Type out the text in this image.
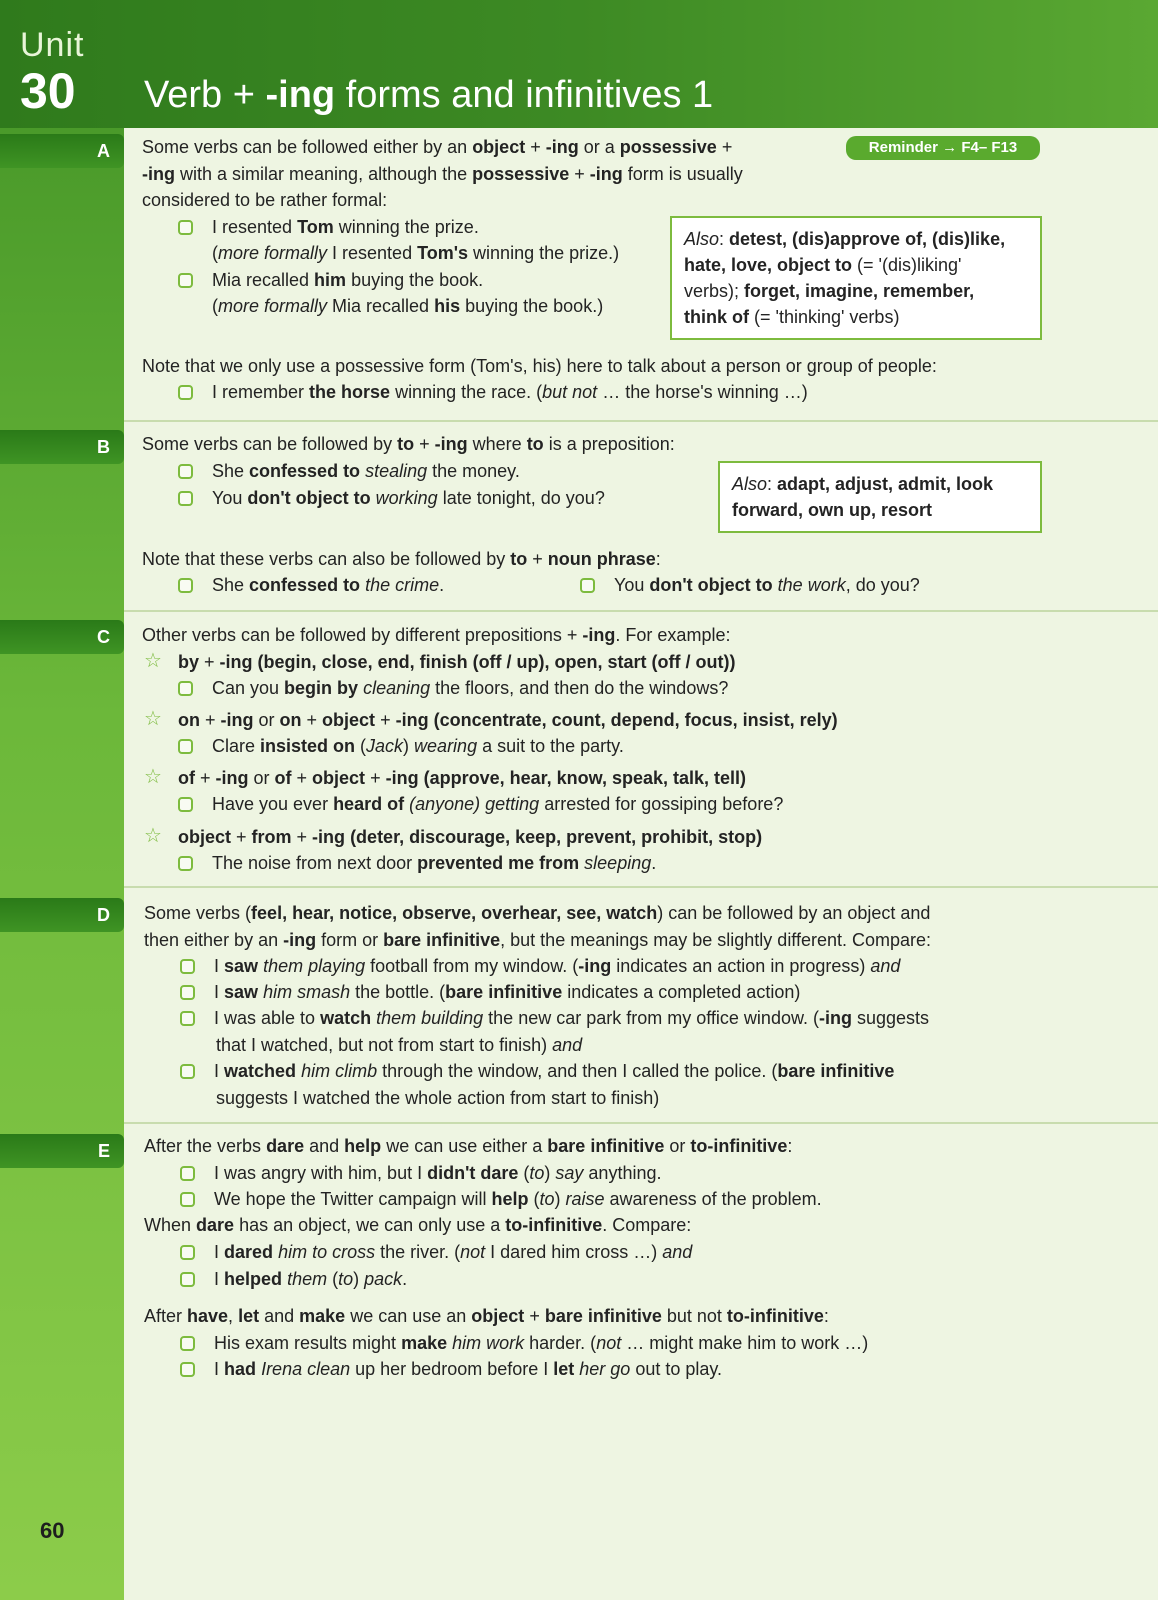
Unit
30 Verb + -ing forms and infinitives 1
A	Reminder → F4– F13
Some verbs can be followed either by an object + -ing or a possessive +
-ing with a similar meaning, although the possessive + -ing form is usually
considered to be rather formal:
I resented Tom winning the prize.
(more formally I resented Tom's winning the prize.)
Mia recalled him buying the book.
(more formally Mia recalled his buying the book.)
Also: detest, (dis)approve of, (dis)like,
hate, love, object to (= '(dis)liking'
verbs); forget, imagine, remember,
think of (= 'thinking' verbs)
Note that we only use a possessive form (Tom's, his) here to talk about a person or group of people:
I remember the horse winning the race. (but not … the horse's winning …)
B	Some verbs can be followed by to + -ing where to is a preposition:
She confessed to stealing the money.
You don't object to working late tonight, do you?
Also: adapt, adjust, admit, look
forward, own up, resort
Note that these verbs can also be followed by to + noun phrase:
She confessed to the crime.	You don't object to the work, do you?
C	Other verbs can be followed by different prepositions + -ing. For example:
☆ by + -ing (begin, close, end, finish (off / up), open, start (off / out))
Can you begin by cleaning the floors, and then do the windows?
☆ on + -ing or on + object + -ing (concentrate, count, depend, focus, insist, rely)
Clare insisted on (Jack) wearing a suit to the party.
☆ of + -ing or of + object + -ing (approve, hear, know, speak, talk, tell)
Have you ever heard of (anyone) getting arrested for gossiping before?
☆ object + from + -ing (deter, discourage, keep, prevent, prohibit, stop)
The noise from next door prevented me from sleeping.
D	Some verbs (feel, hear, notice, observe, overhear, see, watch) can be followed by an object and
then either by an -ing form or bare infinitive, but the meanings may be slightly different. Compare:
I saw them playing football from my window. (-ing indicates an action in progress) and
I saw him smash the bottle. (bare infinitive indicates a completed action)
I was able to watch them building the new car park from my office window. (-ing suggests
that I watched, but not from start to finish) and
I watched him climb through the window, and then I called the police. (bare infinitive
suggests I watched the whole action from start to finish)
E	After the verbs dare and help we can use either a bare infinitive or to-infinitive:
I was angry with him, but I didn't dare (to) say anything.
We hope the Twitter campaign will help (to) raise awareness of the problem.
When dare has an object, we can only use a to-infinitive. Compare:
I dared him to cross the river. (not I dared him cross …) and
I helped them (to) pack.
After have, let and make we can use an object + bare infinitive but not to-infinitive:
His exam results might make him work harder. (not … might make him to work …)
I had Irena clean up her bedroom before I let her go out to play.
60
